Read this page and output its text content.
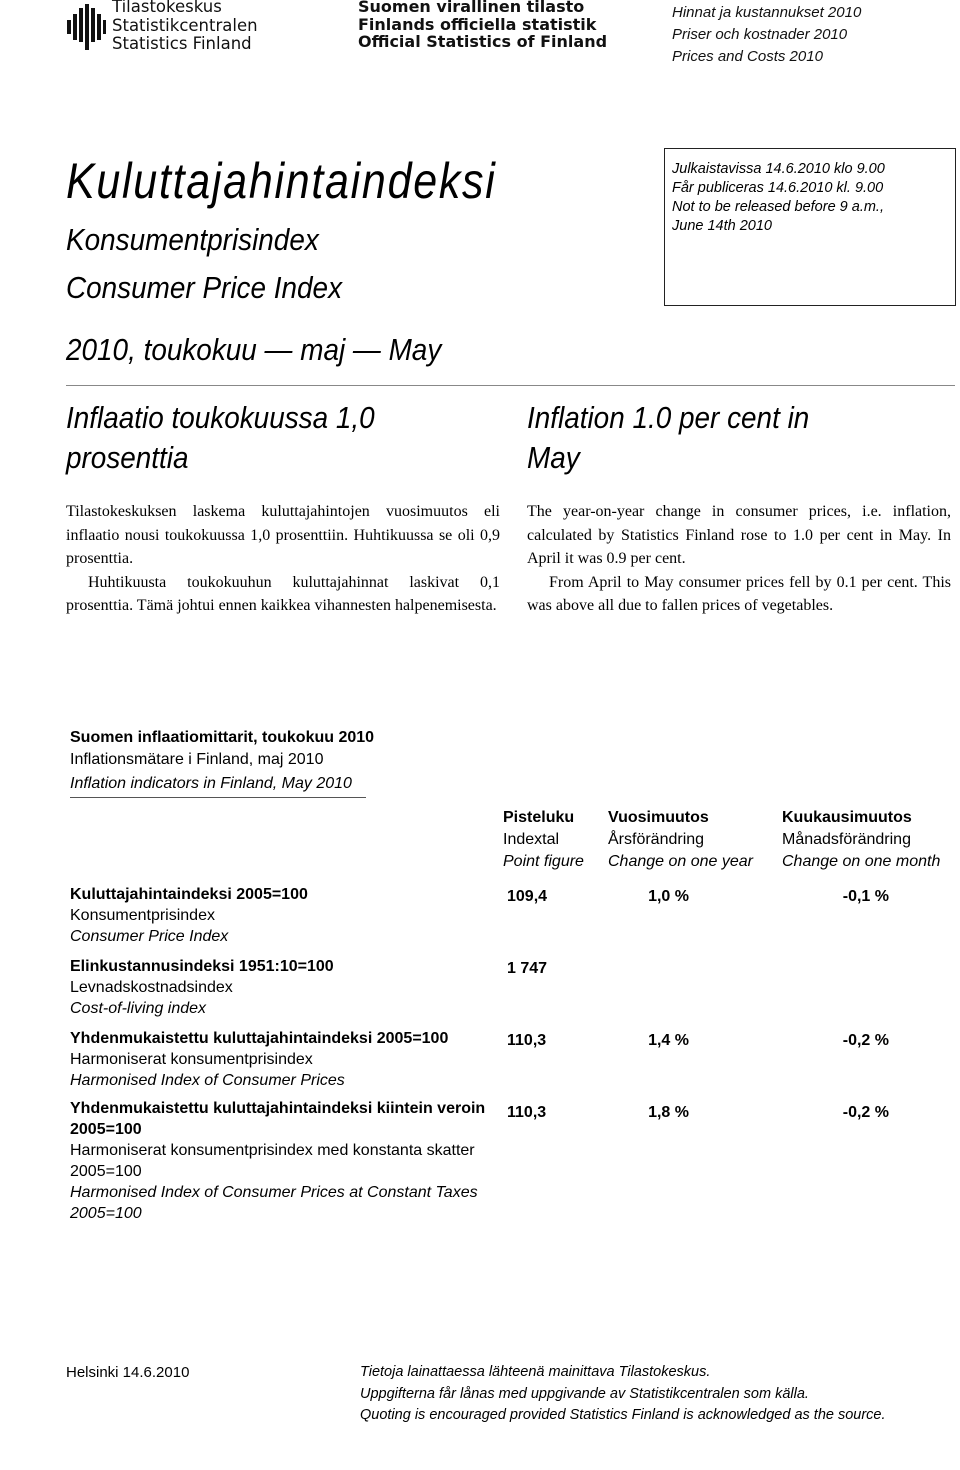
Tilastokeskus
Statistikcentralen
Statistics Finland
Suomen virallinen tilasto
Finlands officiella statistik
Official Statistics of Finland
Hinnat ja kustannukset 2010
Priser och kostnader 2010
Prices and Costs 2010
Kuluttajahintaindeksi
Konsumentprisindex
Consumer Price Index
2010, toukokuu — maj — May
Julkaistavissa 14.6.2010 klo 9.00
Får publiceras 14.6.2010 kl. 9.00
Not to be released before 9 a.m.,
June 14th 2010
Inflaatio toukokuussa 1,0
prosenttia

Tilastokeskuksen laskema kuluttajahintojen vuosimuutos eli inflaatio nousi toukokuussa 1,0 prosenttiin. Huhtikuussa se oli 0,9 prosenttia.

Huhtikuusta toukokuuhun kuluttajahinnat laskivat 0,1 prosenttia. Tämä johtui ennen kaikkea vihannesten halpenemisesta.

Inflation 1.0 per cent in
May

The year-on-year change in consumer prices, i.e. inflation, calculated by Statistics Finland rose to 1.0 per cent in May. In April it was 0.9 per cent.

From April to May consumer prices fell by 0.1 per cent. This was above all due to fallen prices of vegetables.

Suomen inflaatiomittarit, toukokuu 2010
Inflationsmätare i Finland, maj 2010
Inflation indicators in Finland, May 2010
Pisteluku
Indextal
Point figure
Vuosimuutos
Årsförändring
Change on one year
Kuukausimuutos
Månadsförändring
Change on one month
Kuluttajahintaindeksi 2005=100
Konsumentprisindex
Consumer Price Index
109,4	1,0 %	-0,1 %
Elinkustannusindeksi 1951:10=100
Levnadskostnadsindex
Cost-of-living index
1 747
Yhdenmukaistettu kuluttajahintaindeksi 2005=100
Harmoniserat konsumentprisindex
Harmonised Index of Consumer Prices
110,3	1,4 %	-0,2 %
Yhdenmukaistettu kuluttajahintaindeksi kiintein veroin 2005=100
Harmoniserat konsumentprisindex med konstanta skatter 2005=100
Harmonised Index of Consumer Prices at Constant Taxes 2005=100
110,3	1,8 %	-0,2 %
Helsinki 14.6.2010	Tietoja lainattaessa lähteenä mainittava Tilastokeskus.
Uppgifterna får lånas med uppgivande av Statistikcentralen som källa.
Quoting is encouraged provided Statistics Finland is acknowledged as the source.
